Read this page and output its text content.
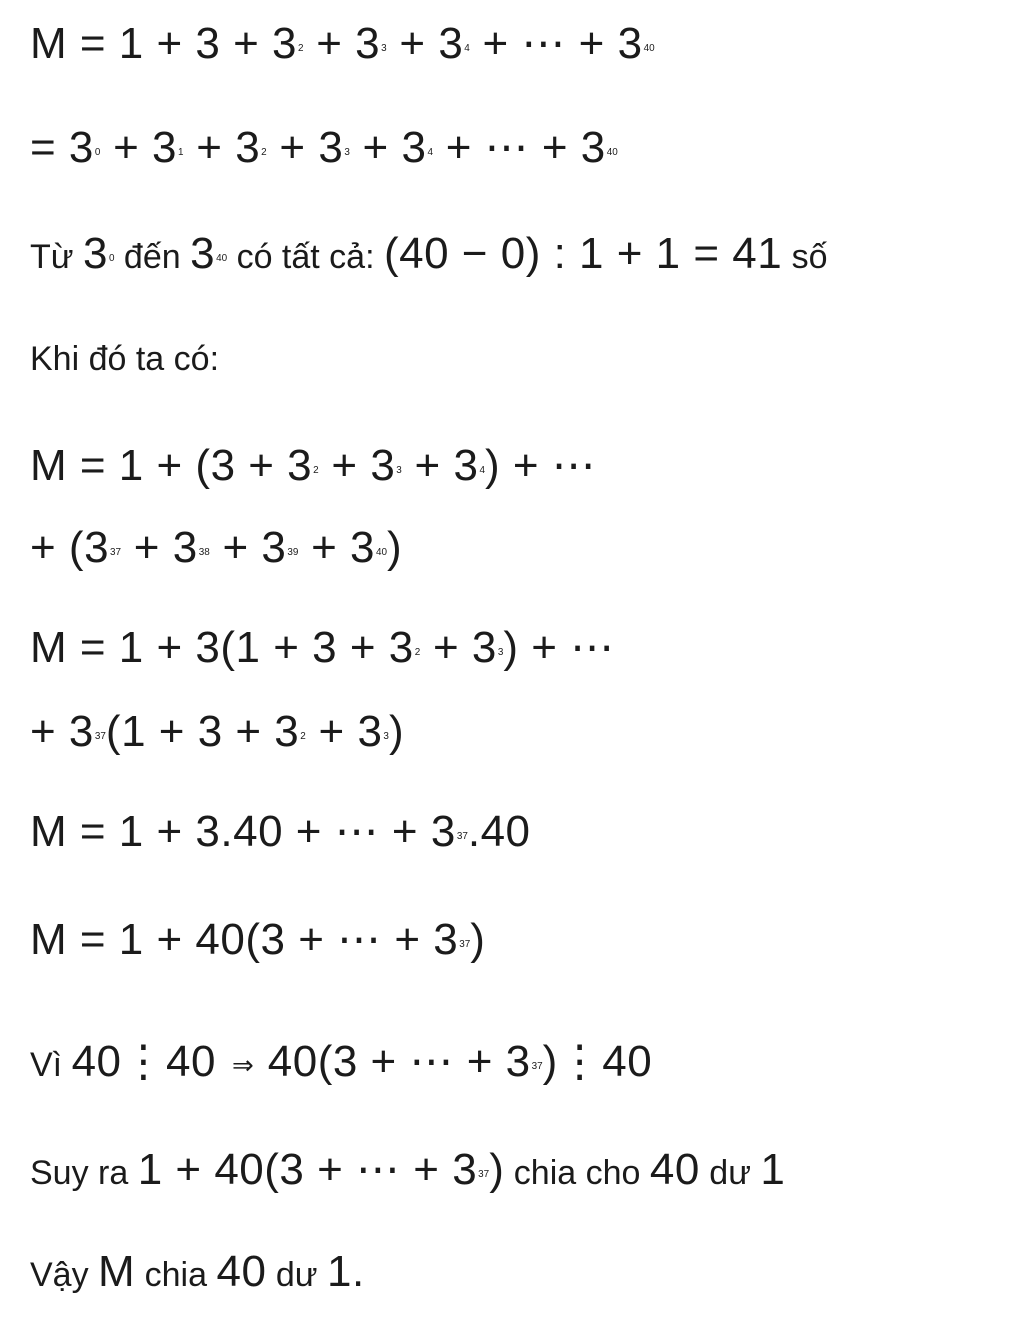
$M = 1 + 3 + 3^2 + 3^3 + 3^4$ + ⋯ + $3^{40}$
= $3^0 + 3^1 + 3^2 + 3^3 + 3^4$ + ⋯ + $3^{40}$
Từ $3^0$ đến $3^{40}$ có tất cả: (40 − 0) : 1 + 1 = 41 số
Khi đó ta có:
$M = 1 + (3 + 3^2 + 3^3 + 3^4)$ + ⋯
+ $(3^{37} + 3^{38} + 3^{39} + 3^{40})$
$M = 1 + 3(1 + 3 + 3^2 + 3^3)$ + ⋯
+ $3^{37}(1 + 3 + 3^2 + 3^3)$
M = 1 + 3.40 + ⋯ + $3^{37}.40$
M = 1 + 40(3 + ⋯ + $3^{37}$)
Vì 40⋮40 ⇒ 40(3 + ⋯ + $3^{37})⋮40$
Suy ra 1 + 40(3 + ⋯ + $3^{37}$) chia cho 40 dư 1
Vậy M chia 40 dư 1.
